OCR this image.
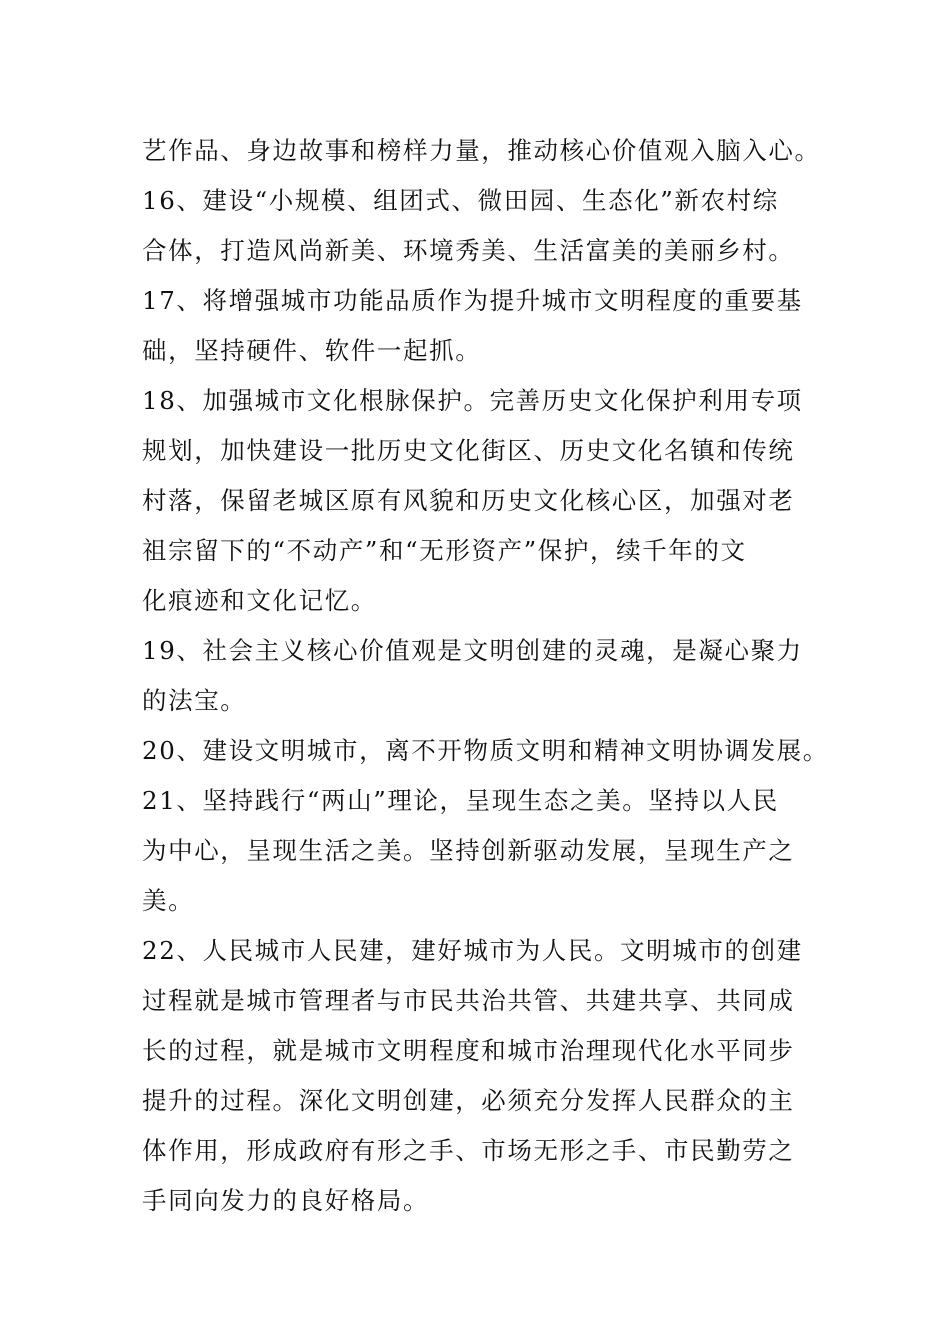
艺作品、身边故事和榜样力量，推动核心价值观入脑入心。
16、建设“小规模、组团式、微田园、生态化”新农村综
合体，打造风尚新美、环境秀美、生活富美的美丽乡村。
17、将增强城市功能品质作为提升城市文明程度的重要基
础，坚持硬件、软件一起抓。
18、加强城市文化根脉保护。完善历史文化保护利用专项
规划，加快建设一批历史文化街区、历史文化名镇和传统
村落，保留老城区原有风貌和历史文化核心区，加强对老
祖宗留下的“不动产”和“无形资产”保护，续千年的文
化痕迹和文化记忆。
19、社会主义核心价值观是文明创建的灵魂，是凝心聚力
的法宝。
20、建设文明城市，离不开物质文明和精神文明协调发展。
21、坚持践行“两山”理论，呈现生态之美。坚持以人民
为中心，呈现生活之美。坚持创新驱动发展，呈现生产之
美。
22、人民城市人民建，建好城市为人民。文明城市的创建
过程就是城市管理者与市民共治共管、共建共享、共同成
长的过程，就是城市文明程度和城市治理现代化水平同步
提升的过程。深化文明创建，必须充分发挥人民群众的主
体作用，形成政府有形之手、市场无形之手、市民勤劳之
手同向发力的良好格局。
